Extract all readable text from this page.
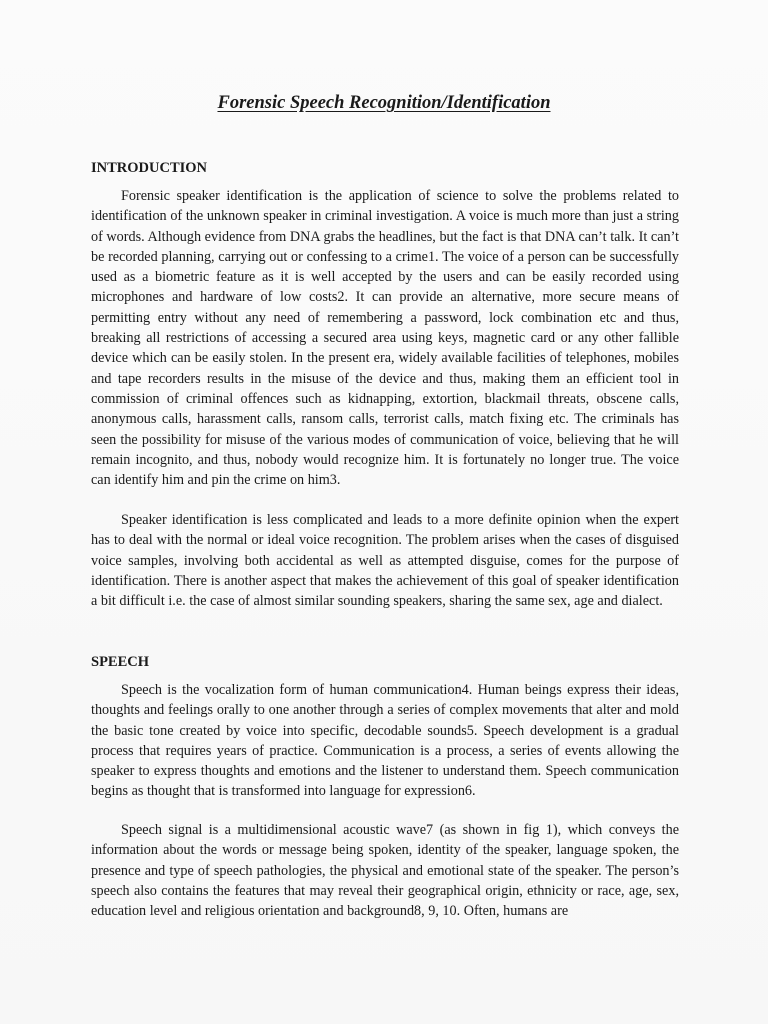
Forensic Speech Recognition/Identification
INTRODUCTION

Forensic speaker identification is the application of science to solve the problems related to identification of the unknown speaker in criminal investigation. A voice is much more than just a string of words. Although evidence from DNA grabs the headlines, but the fact is that DNA can’t talk. It can’t be recorded planning, carrying out or confessing to a crime1. The voice of a person can be successfully used as a biometric feature as it is well accepted by the users and can be easily recorded using microphones and hardware of low costs2. It can provide an alternative, more secure means of permitting entry without any need of remembering a password, lock combination etc and thus, breaking all restrictions of accessing a secured area using keys, magnetic card or any other fallible device which can be easily stolen. In the present era, widely available facilities of telephones, mobiles and tape recorders results in the misuse of the device and thus, making them an efficient tool in commission of criminal offences such as kidnapping, extortion, blackmail threats, obscene calls, anonymous calls, harassment calls, ransom calls, terrorist calls, match fixing etc. The criminals has seen the possibility for misuse of the various modes of communication of voice, believing that he will remain incognito, and thus, nobody would recognize him. It is fortunately no longer true. The voice can identify him and pin the crime on him3.

Speaker identification is less complicated and leads to a more definite opinion when the expert has to deal with the normal or ideal voice recognition. The problem arises when the cases of disguised voice samples, involving both accidental as well as attempted disguise, comes for the purpose of identification. There is another aspect that makes the achievement of this goal of speaker identification a bit difficult i.e. the case of almost similar sounding speakers, sharing the same sex, age and dialect.

SPEECH

Speech is the vocalization form of human communication4. Human beings express their ideas, thoughts and feelings orally to one another through a series of complex movements that alter and mold the basic tone created by voice into specific, decodable sounds5. Speech development is a gradual process that requires years of practice. Communication is a process, a series of events allowing the speaker to express thoughts and emotions and the listener to understand them. Speech communication begins as thought that is transformed into language for expression6.

Speech signal is a multidimensional acoustic wave7 (as shown in fig 1), which conveys the information about the words or message being spoken, identity of the speaker, language spoken, the presence and type of speech pathologies, the physical and emotional state of the speaker. The person’s speech also contains the features that may reveal their geographical origin, ethnicity or race, age, sex, education level and religious orientation and background8, 9, 10. Often, humans are
